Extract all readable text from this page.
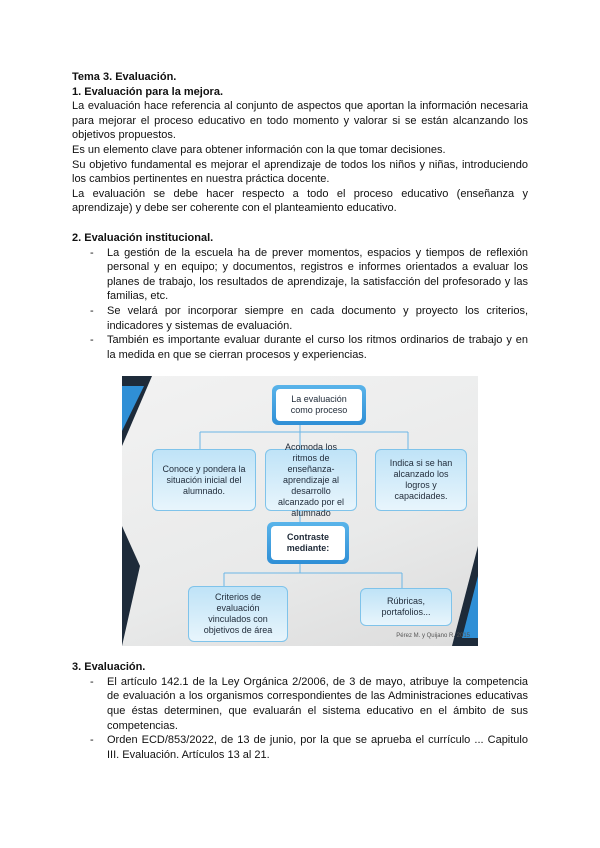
Tema 3. Evaluación.

1. Evaluación para la mejora.

La evaluación hace referencia al conjunto de aspectos que aportan la información necesaria para mejorar el proceso educativo en todo momento y valorar si se están alcanzando los objetivos propuestos.

Es un elemento clave para obtener información con la que tomar decisiones.

Su objetivo fundamental es mejorar el aprendizaje de todos los niños y niñas, introduciendo los cambios pertinentes en nuestra práctica docente.

La evaluación se debe hacer respecto a todo el proceso educativo (enseñanza y aprendizaje) y debe ser coherente con el planteamiento educativo.

2. Evaluación institucional.

- La gestión de la escuela ha de prever momentos, espacios y tiempos de reflexión personal y en equipo; y documentos, registros e informes orientados a evaluar los planes de trabajo, los resultados de aprendizaje, la satisfacción del profesorado y las familias, etc.
- Se velará por incorporar siempre en cada documento y proyecto los criterios, indicadores y sistemas de evaluación.
- También es importante evaluar durante el curso los ritmos ordinarios de trabajo y en la medida en que se cierran procesos y experiencias.
La evaluación como proceso
Conoce y pondera la situación inicial del alumnado.
Acomoda los ritmos de enseñanza-aprendizaje al desarrollo alcanzado por el alumnado
Indica si se han alcanzado los logros y capacidades.
Contraste mediante:
Criterios de evaluación vinculados con objetivos de área
Rúbricas, portafolios...
Pérez M. y Quijano R. 2015

3. Evaluación.

- El artículo 142.1 de la Ley Orgánica 2/2006, de 3 de mayo, atribuye la competencia de evaluación a los organismos correspondientes de las Administraciones educativas que éstas determinen, que evaluarán el sistema educativo en el ámbito de sus competencias.
- Orden ECD/853/2022, de 13 de junio, por la que se aprueba el currículo ... Capitulo III. Evaluación. Artículos 13 al 21.
